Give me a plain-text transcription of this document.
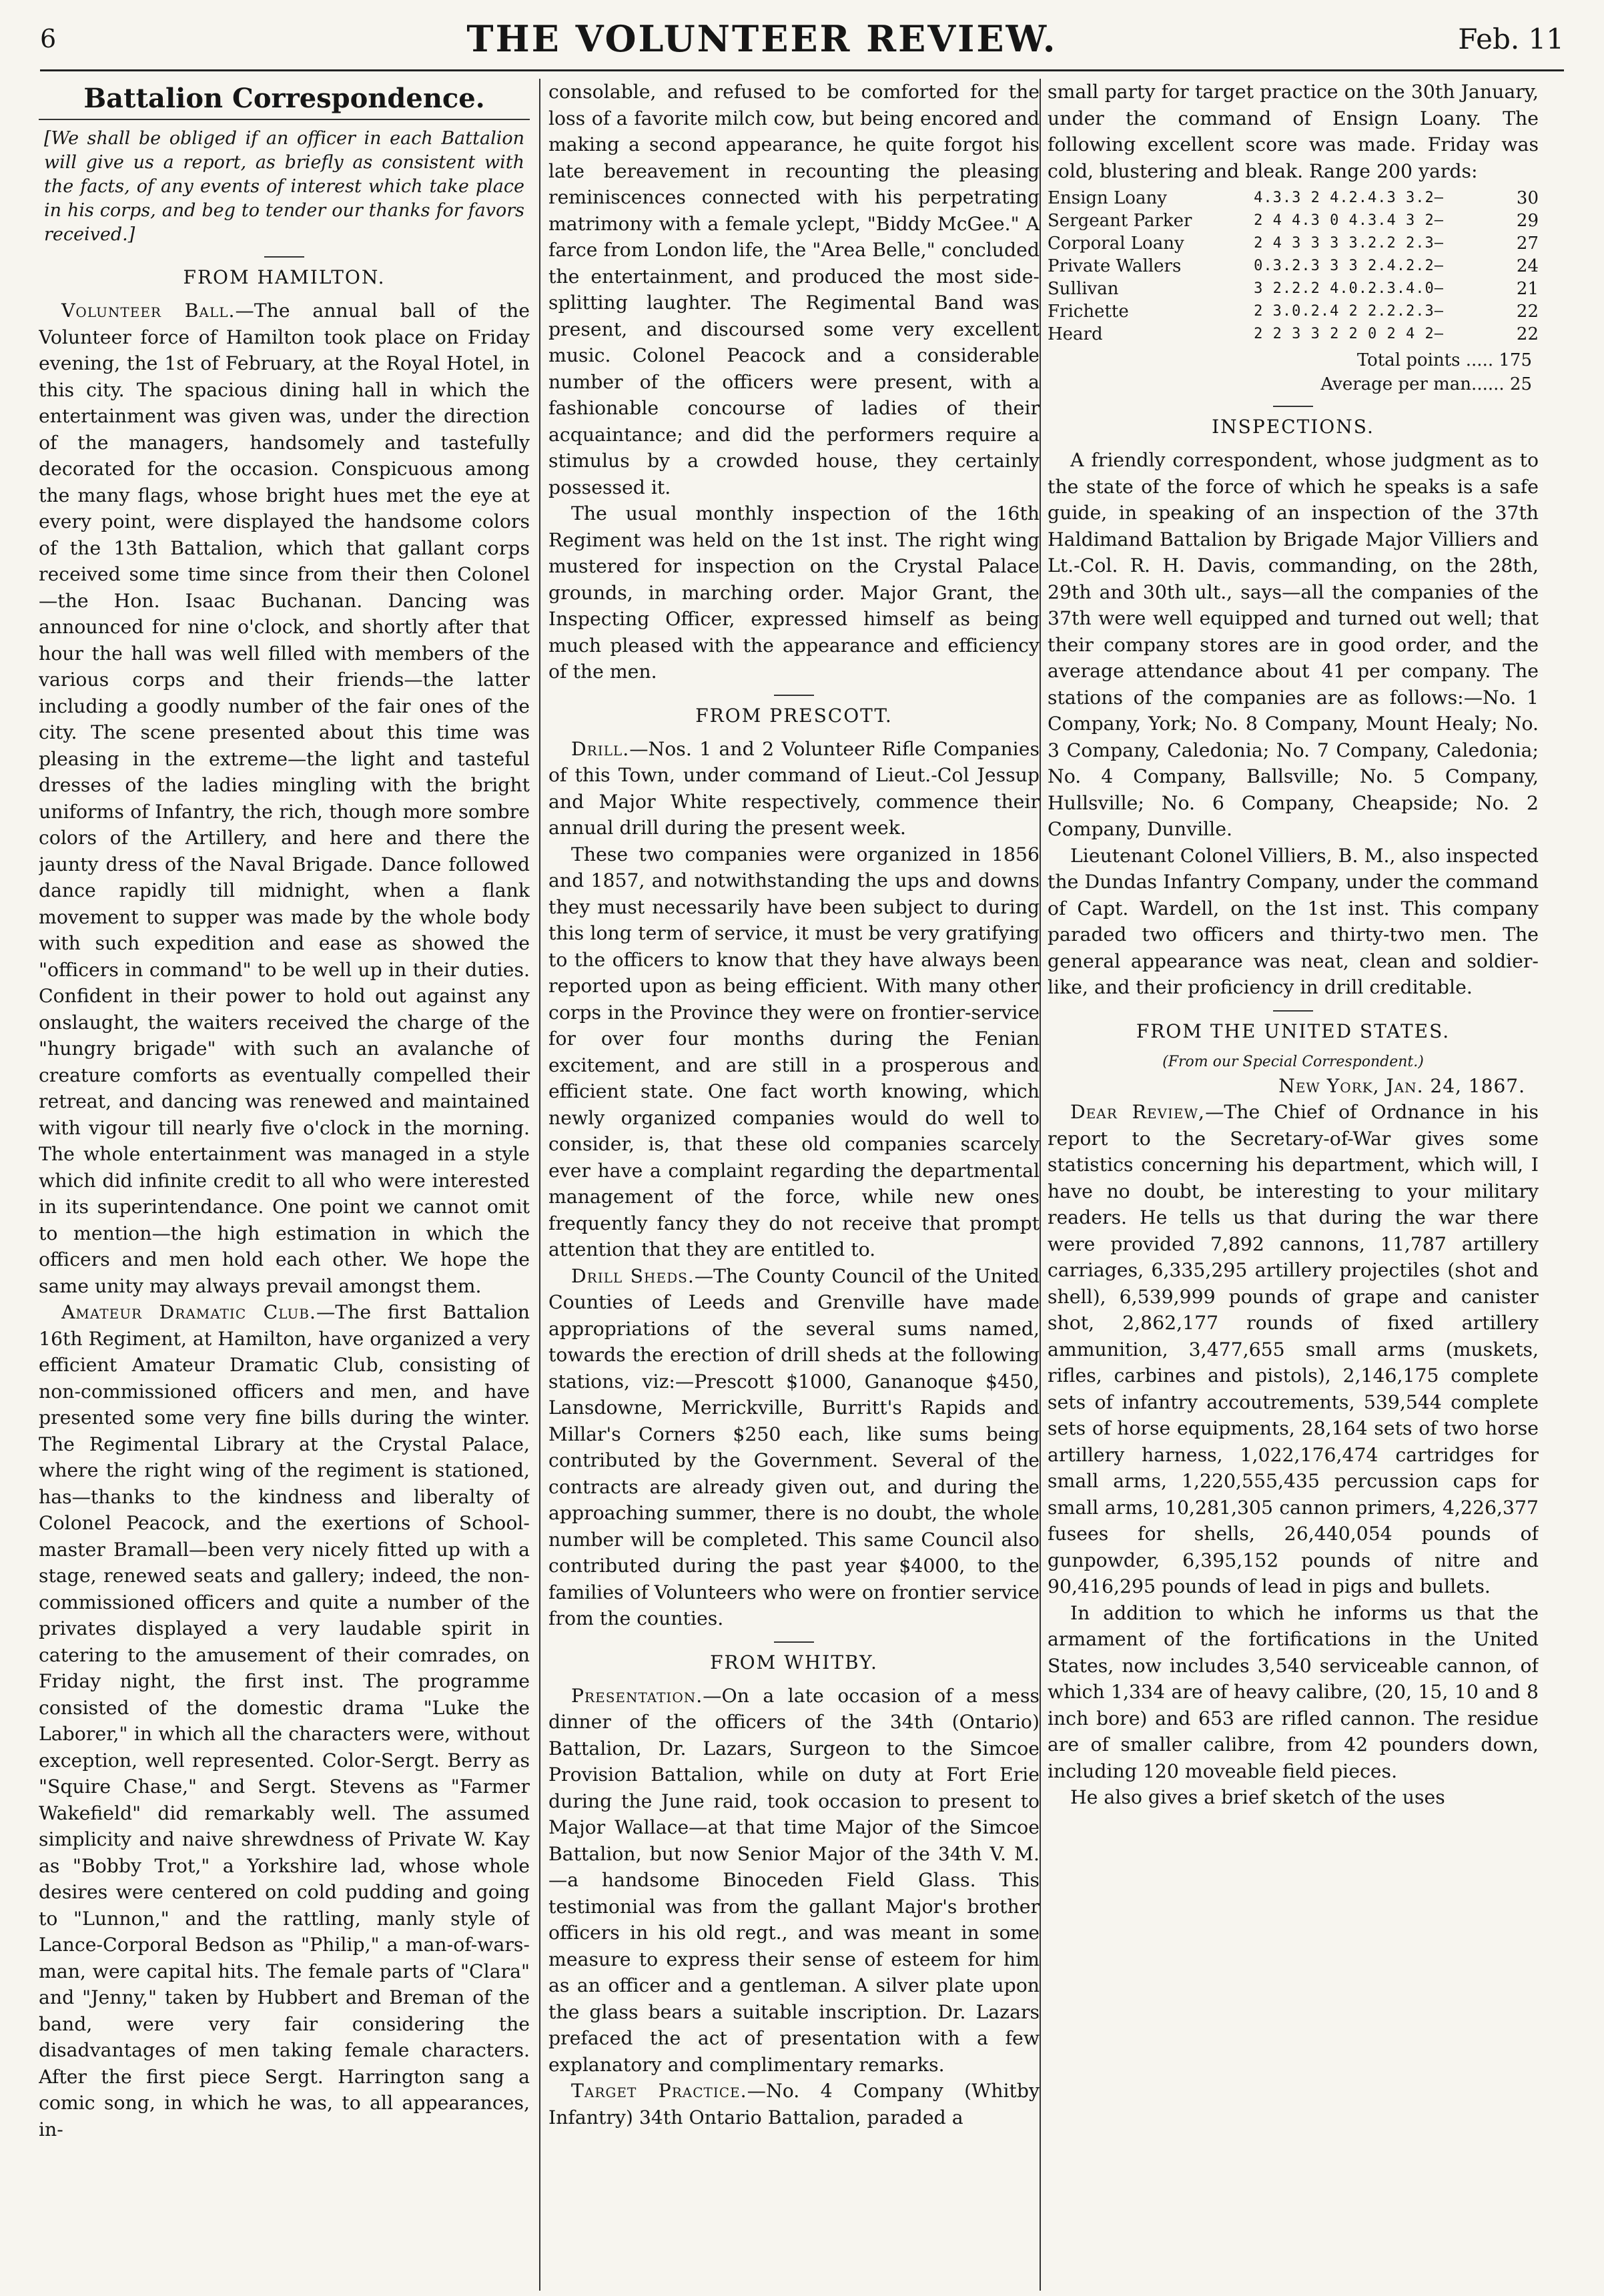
6	THE VOLUNTEER REVIEW.	Feb. 11
Battalion Correspondence.

[We shall be obliged if an officer in each Battalion will give us a report, as briefly as consistent with the facts, of any events of interest which take place in his corps, and beg to tender our thanks for favors received.]

FROM HAMILTON.

Volunteer Ball.—The annual ball of the Volunteer force of Hamilton took place on Friday evening, the 1st of February, at the Royal Hotel, in this city. The spacious dining hall in which the entertainment was given was, under the direction of the managers, handsomely and tastefully decorated for the occasion. Conspicuous among the many flags, whose bright hues met the eye at every point, were displayed the handsome colors of the 13th Battalion, which that gallant corps received some time since from their then Colonel—the Hon. Isaac Buchanan. Dancing was announced for nine o'clock, and shortly after that hour the hall was well filled with members of the various corps and their friends—the latter including a goodly number of the fair ones of the city. The scene presented about this time was pleasing in the extreme—the light and tasteful dresses of the ladies mingling with the bright uniforms of Infantry, the rich, though more sombre colors of the Artillery, and here and there the jaunty dress of the Naval Brigade. Dance followed dance rapidly till midnight, when a flank movement to supper was made by the whole body with such expedition and ease as showed the "officers in command" to be well up in their duties. Confident in their power to hold out against any onslaught, the waiters received the charge of the "hungry brigade" with such an avalanche of creature comforts as eventually compelled their retreat, and dancing was renewed and maintained with vigour till nearly five o'clock in the morning. The whole entertainment was managed in a style which did infinite credit to all who were interested in its superintendance. One point we cannot omit to mention—the high estimation in which the officers and men hold each other. We hope the same unity may always prevail amongst them.

Amateur Dramatic Club.—The first Battalion 16th Regiment, at Hamilton, have organized a very efficient Amateur Dramatic Club, consisting of non-commissioned officers and men, and have presented some very fine bills during the winter. The Regimental Library at the Crystal Palace, where the right wing of the regiment is stationed, has—thanks to the kindness and liberalty of Colonel Peacock, and the exertions of School-master Bramall—been very nicely fitted up with a stage, renewed seats and gallery; indeed, the non-commissioned officers and quite a number of the privates displayed a very laudable spirit in catering to the amusement of their comrades, on Friday night, the first inst. The programme consisted of the domestic drama "Luke the Laborer," in which all the characters were, without exception, well represented. Color-Sergt. Berry as "Squire Chase," and Sergt. Stevens as "Farmer Wakefield" did remarkably well. The assumed simplicity and naive shrewdness of Private W. Kay as "Bobby Trot," a Yorkshire lad, whose whole desires were centered on cold pudding and going to "Lunnon," and the rattling, manly style of Lance-Corporal Bedson as "Philip," a man-of-wars-man, were capital hits. The female parts of "Clara" and "Jenny," taken by Hubbert and Breman of the band, were very fair considering the disadvantages of men taking female characters. After the first piece Sergt. Harrington sang a comic song, in which he was, to all appearances, in-

consolable, and refused to be comforted for the loss of a favorite milch cow, but being encored and making a second appearance, he quite forgot his late bereavement in recounting the pleasing reminiscences connected with his perpetrating matrimony with a female yclept, "Biddy McGee." A farce from London life, the "Area Belle," concluded the entertainment, and produced the most side-splitting laughter. The Regimental Band was present, and discoursed some very excellent music. Colonel Peacock and a considerable number of the officers were present, with a fashionable concourse of ladies of their acquaintance; and did the performers require a stimulus by a crowded house, they certainly possessed it.

The usual monthly inspection of the 16th Regiment was held on the 1st inst. The right wing mustered for inspection on the Crystal Palace grounds, in marching order. Major Grant, the Inspecting Officer, expressed himself as being much pleased with the appearance and efficiency of the men.

FROM PRESCOTT.

Drill.—Nos. 1 and 2 Volunteer Rifle Companies of this Town, under command of Lieut.-Col Jessup and Major White respectively, commence their annual drill during the present week.

These two companies were organized in 1856 and 1857, and notwithstanding the ups and downs they must necessarily have been subject to during this long term of service, it must be very gratifying to the officers to know that they have always been reported upon as being efficient. With many other corps in the Province they were on frontier-service for over four months during the Fenian excitement, and are still in a prosperous and efficient state. One fact worth knowing, which newly organized companies would do well to consider, is, that these old companies scarcely ever have a complaint regarding the departmental management of the force, while new ones frequently fancy they do not receive that prompt attention that they are entitled to.

Drill Sheds.—The County Council of the United Counties of Leeds and Grenville have made appropriations of the several sums named, towards the erection of drill sheds at the following stations, viz:—Prescott $1000, Gananoque $450, Lansdowne, Merrickville, Burritt's Rapids and Millar's Corners $250 each, like sums being contributed by the Government. Several of the contracts are already given out, and during the approaching summer, there is no doubt, the whole number will be completed. This same Council also contributed during the past year $4000, to the families of Volunteers who were on frontier service from the counties.

FROM WHITBY.

Presentation.—On a late occasion of a mess dinner of the officers of the 34th (Ontario) Battalion, Dr. Lazars, Surgeon to the Simcoe Provision Battalion, while on duty at Fort Erie during the June raid, took occasion to present to Major Wallace—at that time Major of the Simcoe Battalion, but now Senior Major of the 34th V. M.—a handsome Binoceden Field Glass. This testimonial was from the gallant Major's brother officers in his old regt., and was meant in some measure to express their sense of esteem for him as an officer and a gentleman. A silver plate upon the glass bears a suitable inscription. Dr. Lazars prefaced the act of presentation with a few explanatory and complimentary remarks.

Target Practice.—No. 4 Company (Whitby Infantry) 34th Ontario Battalion, paraded a

small party for target practice on the 30th January, under the command of Ensign Loany. The following excellent score was made. Friday was cold, blustering and bleak. Range 200 yards:

Ensign Loany	4.3.3 2 4.2.4.3 3.2—	30
Sergeant Parker	2 4 4.3 0 4.3.4 3 2—	29
Corporal Loany	2 4 3 3 3 3.2.2 2.3—	27
Private Wallers	0.3.2.3 3 3 2.4.2.2—	24
Sullivan	3 2.2.2 4.0.2.3.4.0—	21
Frichette	2 3.0.2.4 2 2.2.2.3—	22
Heard	2 2 3 3 2 2 0 2 4 2—	22
Total points ..... 175
Average per man...... 25
INSPECTIONS.

A friendly correspondent, whose judgment as to the state of the force of which he speaks is a safe guide, in speaking of an inspection of the 37th Haldimand Battalion by Brigade Major Villiers and Lt.-Col. R. H. Davis, commanding, on the 28th, 29th and 30th ult., says—all the companies of the 37th were well equipped and turned out well; that their company stores are in good order, and the average attendance about 41 per company. The stations of the companies are as follows:—No. 1 Company, York; No. 8 Company, Mount Healy; No. 3 Company, Caledonia; No. 7 Company, Caledonia; No. 4 Company, Ballsville; No. 5 Company, Hullsville; No. 6 Company, Cheapside; No. 2 Company, Dunville.

Lieutenant Colonel Villiers, B. M., also inspected the Dundas Infantry Company, under the command of Capt. Wardell, on the 1st inst. This company paraded two officers and thirty-two men. The general appearance was neat, clean and soldier-like, and their proficiency in drill creditable.

FROM THE UNITED STATES.
(From our Special Correspondent.)
New York, Jan. 24, 1867.

Dear Review,—The Chief of Ordnance in his report to the Secretary-of-War gives some statistics concerning his department, which will, I have no doubt, be interesting to your military readers. He tells us that during the war there were provided 7,892 cannons, 11,787 artillery carriages, 6,335,295 artillery projectiles (shot and shell), 6,539,999 pounds of grape and canister shot, 2,862,177 rounds of fixed artillery ammunition, 3,477,655 small arms (muskets, rifles, carbines and pistols), 2,146,175 complete sets of infantry accoutrements, 539,544 complete sets of horse equipments, 28,164 sets of two horse artillery harness, 1,022,176,474 cartridges for small arms, 1,220,555,435 percussion caps for small arms, 10,281,305 cannon primers, 4,226,377 fusees for shells, 26,440,054 pounds of gunpowder, 6,395,152 pounds of nitre and 90,416,295 pounds of lead in pigs and bullets.

In addition to which he informs us that the armament of the fortifications in the United States, now includes 3,540 serviceable cannon, of which 1,334 are of heavy calibre, (20, 15, 10 and 8 inch bore) and 653 are rifled cannon. The residue are of smaller calibre, from 42 pounders down, including 120 moveable field pieces.

He also gives a brief sketch of the uses
